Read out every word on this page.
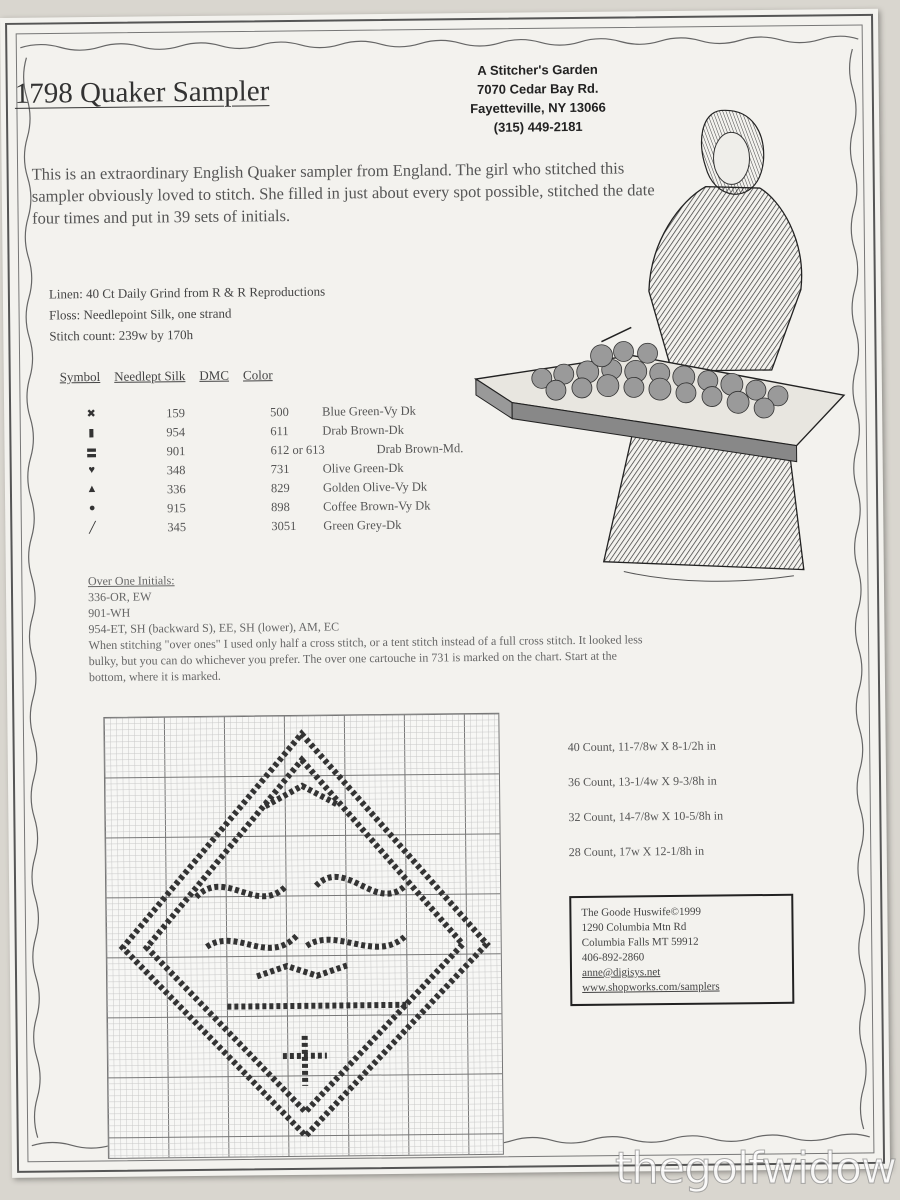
1798 Quaker Sampler
A Stitcher's Garden
7070 Cedar Bay Rd.
Fayetteville, NY 13066
(315) 449-2181
This is an extraordinary English Quaker sampler from England. The girl who stitched this sampler obviously loved to stitch. She filled in just about every spot possible, stitched the date four times and put in 39 sets of initials.
Linen: 40 Ct Daily Grind from R & R Reproductions
Floss: Needlepoint Silk, one strand
Stitch count: 239w by 170h
Symbol Needlept Silk DMC Color
✖	159	500	Blue Green-Vy Dk
▮	954	611	Drab Brown-Dk
〓	901	612 or 613	Drab Brown-Md.
♥	348	731	Olive Green-Dk
▲	336	829	Golden Olive-Vy Dk
●	915	898	Coffee Brown-Vy Dk
╱	345	3051 Green Grey-Dk
Over One Initials:
336-OR, EW
901-WH
954-ET, SH (backward S), EE, SH (lower), AM, EC
When stitching "over ones" I used only half a cross stitch, or a tent stitch instead of a full cross stitch. It looked less bulky, but you can do whichever you prefer. The over one cartouche in 731 is marked on the chart. Start at the bottom, where it is marked.
40 Count, 11-7/8w X 8-1/2h in
36 Count, 13-1/4w X 9-3/8h in
32 Count, 14-7/8w X 10-5/8h in
28 Count, 17w X 12-1/8h in
The Goode Huswife©1999
1290 Columbia Mtn Rd
Columbia Falls MT 59912
406-892-2860
anne@digisys.net
www.shopworks.com/samplers
thegolfwidow
